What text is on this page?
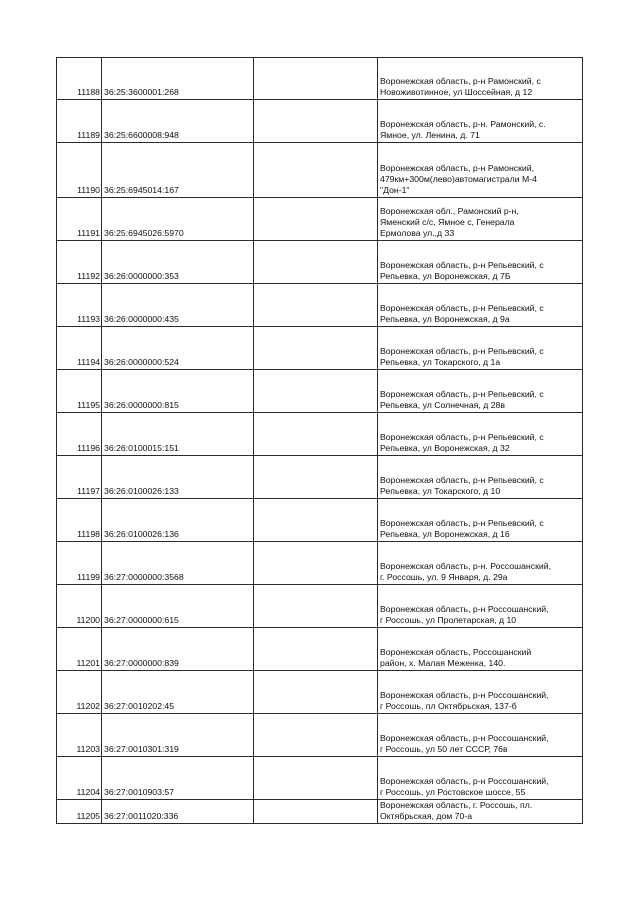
11188	36:25:3600001:268		Воронежская область, р-н Рамонский, с
Новоживотинное, ул Шоссейная, д 12

11189	36:25:6600008:948		Воронежская область, р-н. Рамонский, с.
Ямное, ул. Ленина, д. 71

11190	36:25:6945014:167		Воронежская область, р-н Рамонский,
479км+300м(лево)автомагистрали М-4
"Дон-1"

11191	36:25:6945026:5970		Воронежская обл., Рамонский р-н,
Яменский с/с, Ямное с, Генерала
Ермолова ул.,д 33

11192	36:26:0000000:353		Воронежская область, р-н Репьевский, с
Репьевка, ул Воронежская, д 7Б

11193	36:26:0000000:435		Воронежская область, р-н Репьевский, с
Репьевка, ул Воронежская, д 9а

11194	36:26:0000000:524		Воронежская область, р-н Репьевский, с
Репьевка, ул Токарского, д 1а

11195	36:26:0000000:815		Воронежская область, р-н Репьевский, с
Репьевка, ул Солнечная, д 28в

11196	36:26:0100015:151		Воронежская область, р-н Репьевский, с
Репьевка, ул Воронежская, д 32

11197	36:26:0100026:133		Воронежская область, р-н Репьевский, с
Репьевка, ул Токарского, д 10

11198	36:26:0100026:136		Воронежская область, р-н Репьевский, с
Репьевка, ул Воронежская, д 16

11199	36:27:0000000:3568		Воронежская область, р-н. Россошанский,
г. Россошь, ул. 9 Января, д. 29а

11200	36:27:0000000:615		Воронежская область, р-н Россошанский,
г Россошь, ул Пролетарская, д 10

11201	36:27:0000000:839		Воронежская область, Россошанский
район, х. Малая Меженка, 140.

11202	36:27:0010202:45		Воронежская область, р-н Россошанский,
г Россошь, пл Октябрьская, 137-б

11203	36:27:0010301:319		Воронежская область, р-н Россошанский,
г Россошь, ул 50 лет СССР, 76в

11204	36:27:0010903:57		Воронежская область, р-н Россошанский,
г Россошь, ул Ростовское шоссе, 55

11205	36:27:0011020:336		Воронежская область, г. Россошь, пл.
Октябрьская, дом 70-а
